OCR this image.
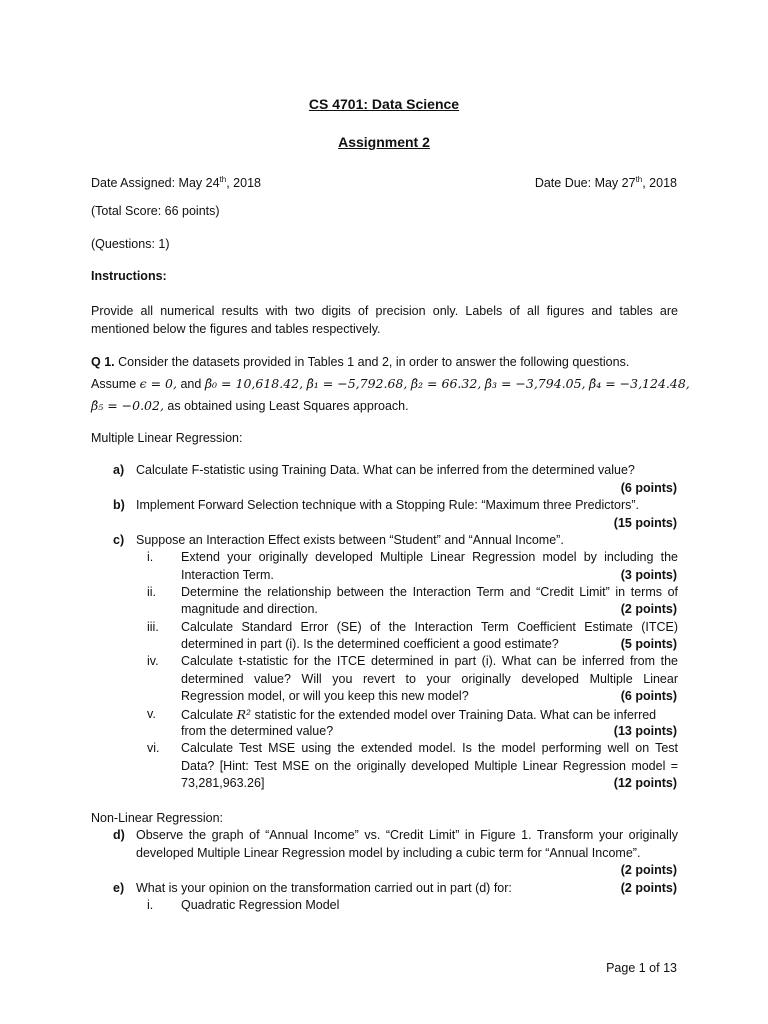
CS 4701: Data Science
Assignment 2
Date Assigned: May 24th, 2018	Date Due: May 27th, 2018
(Total Score: 66 points)
(Questions: 1)
Instructions:
Provide all numerical results with two digits of precision only. Labels of all figures and tables are mentioned below the figures and tables respectively.
Q 1. Consider the datasets provided in Tables 1 and 2, in order to answer the following questions.
Assume ϵ = 0, and β̂₀ = 10,618.42, β̂₁ = −5,792.68, β̂₂ = 66.32, β̂₃ = −3,794.05, β̂₄ = −3,124.48,
β̂₅ = −0.02, as obtained using Least Squares approach.
Multiple Linear Regression:
a) Calculate F-statistic using Training Data. What can be inferred from the determined value?
(6 points)
b) Implement Forward Selection technique with a Stopping Rule: “Maximum three Predictors”.
(15 points)
c) Suppose an Interaction Effect exists between “Student” and “Annual Income”.
i. Extend your originally developed Multiple Linear Regression model by including the
Interaction Term.	(3 points)
ii. Determine the relationship between the Interaction Term and “Credit Limit” in terms of
magnitude and direction.	(2 points)
iii. Calculate Standard Error (SE) of the Interaction Term Coefficient Estimate (ITCE)
determined in part (i). Is the determined coefficient a good estimate?	(5 points)
iv. Calculate t-statistic for the ITCE determined in part (i). What can be inferred from the
determined value? Will you revert to your originally developed Multiple Linear
Regression model, or will you keep this new model?	(6 points)
v. Calculate R² statistic for the extended model over Training Data. What can be inferred
from the determined value?	(13 points)
vi. Calculate Test MSE using the extended model. Is the model performing well on Test
Data? [Hint: Test MSE on the originally developed Multiple Linear Regression model =
73,281,963.26]	(12 points)
Non-Linear Regression:
d) Observe the graph of “Annual Income” vs. “Credit Limit” in Figure 1. Transform your originally
developed Multiple Linear Regression model by including a cubic term for “Annual Income”.
(2 points)
e) What is your opinion on the transformation carried out in part (d) for:	(2 points)
i. Quadratic Regression Model
Page 1 of 13
